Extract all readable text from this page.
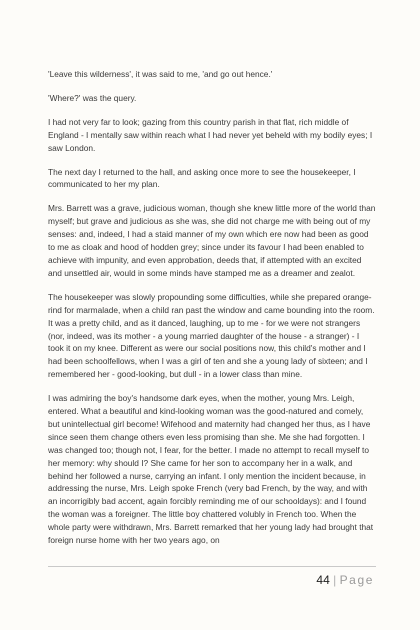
'Leave this wilderness', it was said to me, 'and go out hence.'

'Where?' was the query.

I had not very far to look; gazing from this country parish in that flat, rich middle of England - I mentally saw within reach what I had never yet beheld with my bodily eyes; I saw London.

The next day I returned to the hall, and asking once more to see the housekeeper, I communicated to her my plan.

Mrs. Barrett was a grave, judicious woman, though she knew little more of the world than myself; but grave and judicious as she was, she did not charge me with being out of my senses: and, indeed, I had a staid manner of my own which ere now had been as good to me as cloak and hood of hodden grey; since under its favour I had been enabled to achieve with impunity, and even approbation, deeds that, if attempted with an excited and unsettled air, would in some minds have stamped me as a dreamer and zealot.

The housekeeper was slowly propounding some difficulties, while she prepared orange-rind for marmalade, when a child ran past the window and came bounding into the room. It was a pretty child, and as it danced, laughing, up to me - for we were not strangers (nor, indeed, was its mother - a young married daughter of the house - a stranger) - I took it on my knee. Different as were our social positions now, this child's mother and I had been schoolfellows, when I was a girl of ten and she a young lady of sixteen; and I remembered her - good-looking, but dull - in a lower class than mine.

I was admiring the boy's handsome dark eyes, when the mother, young Mrs. Leigh, entered. What a beautiful and kind-looking woman was the good-natured and comely, but unintellectual girl become! Wifehood and maternity had changed her thus, as I have since seen them change others even less promising than she. Me she had forgotten. I was changed too; though not, I fear, for the better. I made no attempt to recall myself to her memory: why should I? She came for her son to accompany her in a walk, and behind her followed a nurse, carrying an infant. I only mention the incident because, in addressing the nurse, Mrs. Leigh spoke French (very bad French, by the way, and with an incorrigibly bad accent, again forcibly reminding me of our schooldays): and I found the woman was a foreigner. The little boy chattered volubly in French too. When the whole party were withdrawn, Mrs. Barrett remarked that her young lady had brought that foreign nurse home with her two years ago, on

44 | Page
